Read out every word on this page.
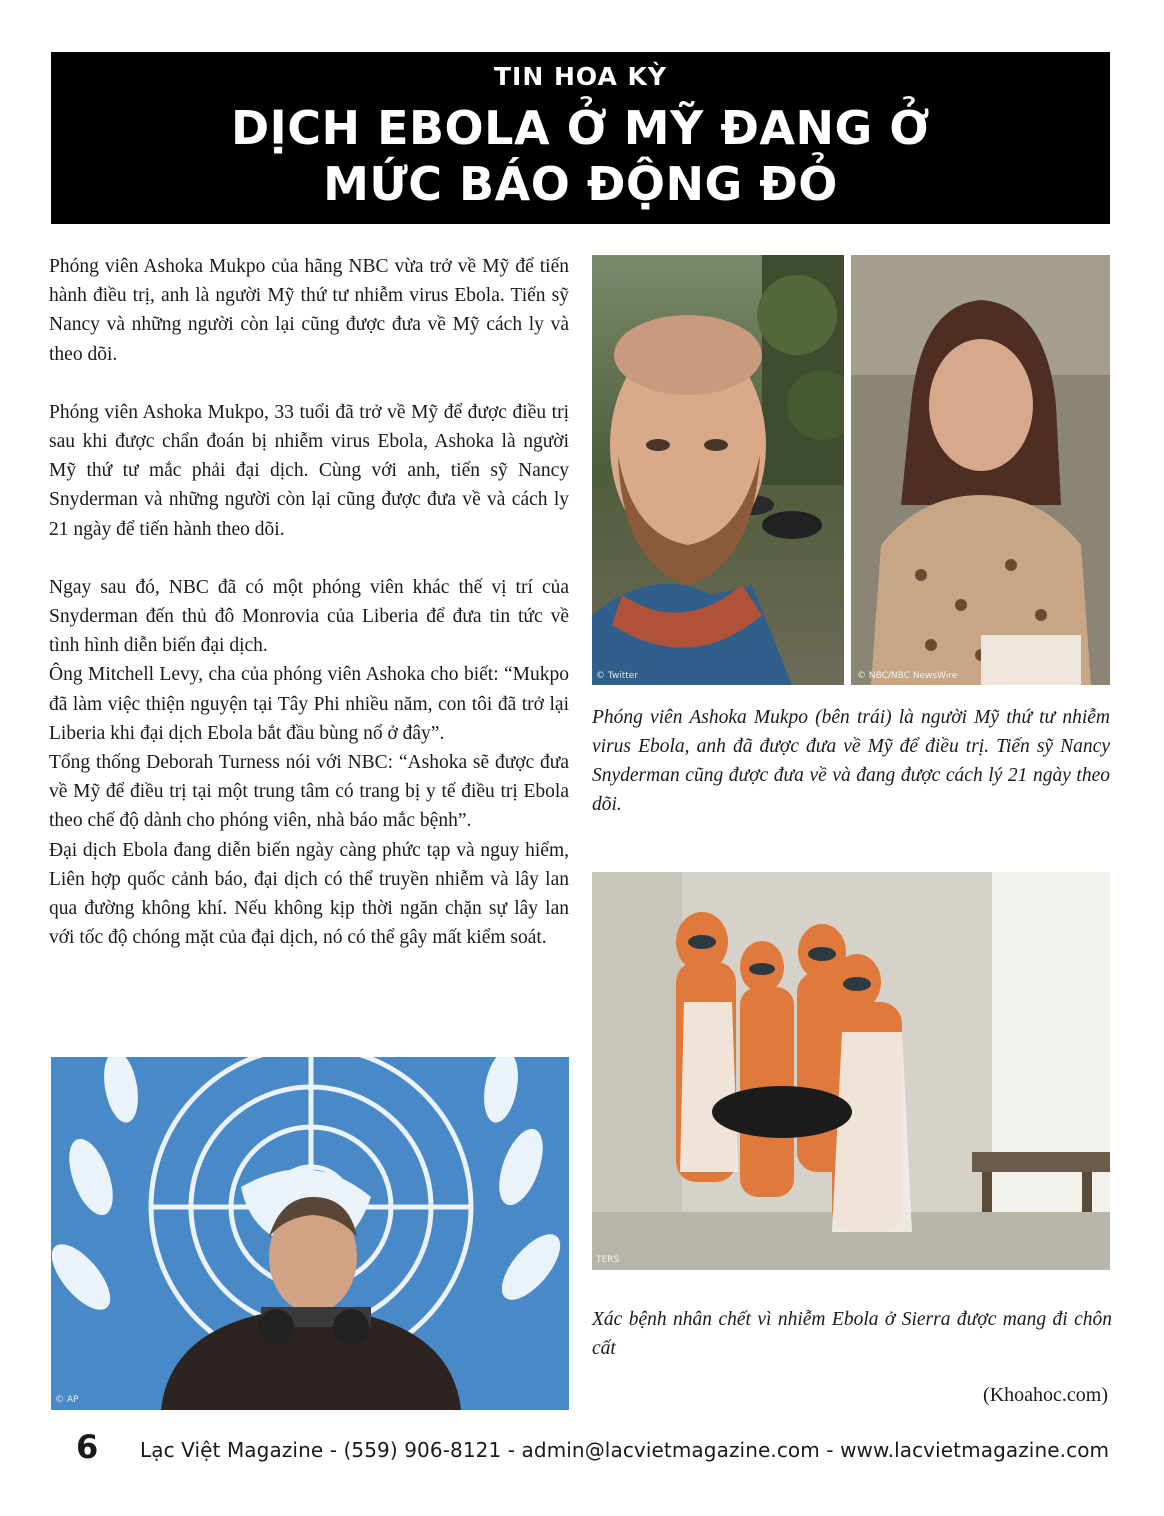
TIN HOA KỲ
DỊCH EBOLA Ở MỸ ĐANG Ở
MỨC BÁO ĐỘNG ĐỎ

Phóng viên Ashoka Mukpo của hãng NBC vừa trở về Mỹ để tiến hành điều trị, anh là người Mỹ thứ tư nhiễm virus Ebola. Tiến sỹ Nancy và những người còn lại cũng được đưa về Mỹ cách ly và theo dõi.

Phóng viên Ashoka Mukpo, 33 tuổi đã trở về Mỹ để được điều trị sau khi được chẩn đoán bị nhiễm virus Ebola, Ashoka là người Mỹ thứ tư mắc phải đại dịch. Cùng với anh, tiến sỹ Nancy Snyderman và những người còn lại cũng được đưa về và cách ly 21 ngày để tiến hành theo dõi.

Ngay sau đó, NBC đã có một phóng viên khác thế vị trí của Snyderman đến thủ đô Monrovia của Liberia để đưa tin tức về tình hình diễn biến đại dịch.

Ông Mitchell Levy, cha của phóng viên Ashoka cho biết: “Mukpo đã làm việc thiện nguyện tại Tây Phi nhiều năm, con tôi đã trở lại Liberia khi đại dịch Ebola bắt đầu bùng nổ ở đây”.

Tổng thống Deborah Turness nói với NBC: “Ashoka sẽ được đưa về Mỹ để điều trị tại một trung tâm có trang bị y tế điều trị Ebola theo chế độ dành cho phóng viên, nhà báo mắc bệnh”.

Đại dịch Ebola đang diễn biến ngày càng phức tạp và nguy hiểm, Liên hợp quốc cảnh báo, đại dịch có thể truyền nhiễm và lây lan qua đường không khí. Nếu không kịp thời ngăn chặn sự lây lan với tốc độ chóng mặt của đại dịch, nó có thể gây mất kiểm soát.

© Twitter	© NBC/NBC NewsWire
Phóng viên Ashoka Mukpo (bên trái) là người Mỹ thứ tư nhiễm virus Ebola, anh đã được đưa về Mỹ để điều trị. Tiến sỹ Nancy Snyderman cũng được đưa về và đang được cách lý 21 ngày theo dõi.
TERS
Xác bệnh nhân chết vì nhiễm Ebola ở Sierra được mang đi chôn cất
(Khoahoc.com)
© AP
6 Lạc Việt Magazine - (559) 906-8121 - admin@lacvietmagazine.com - www.lacvietmagazine.com
